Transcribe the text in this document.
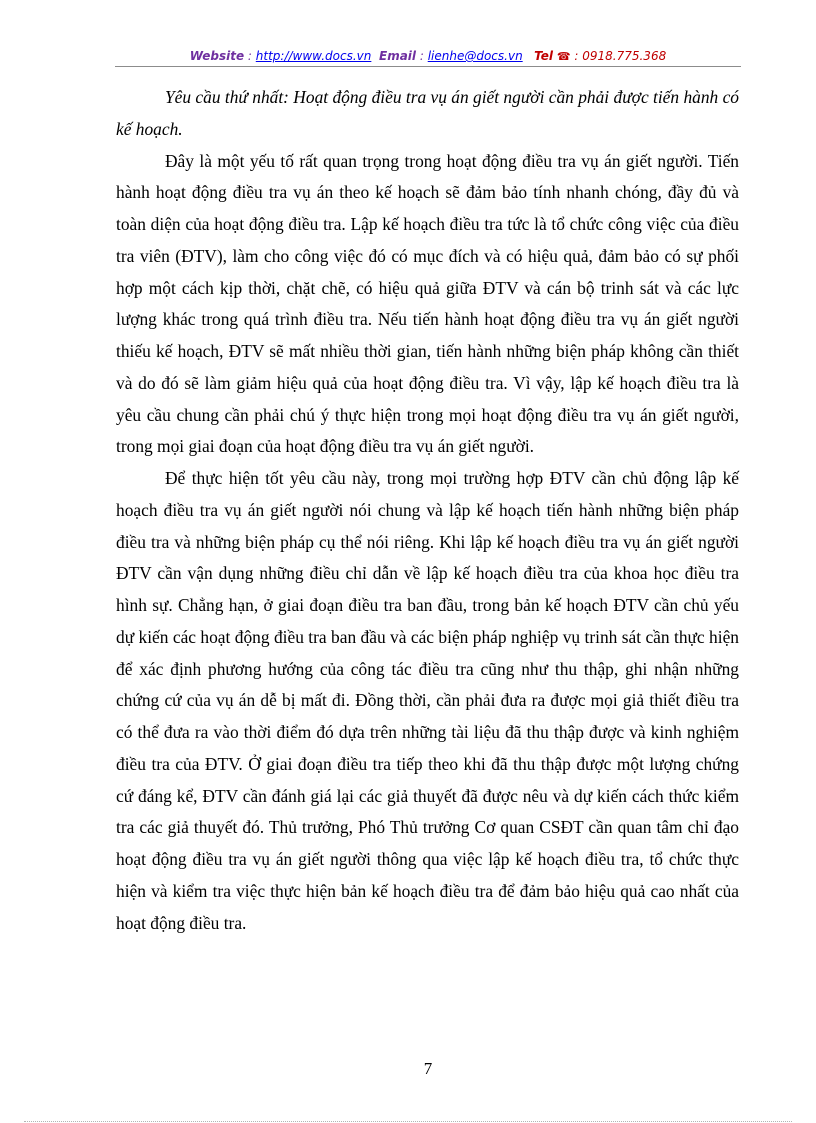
Website : http://www.docs.vn Email : lienhe@docs.vn Tel ☎ : 0918.775.368

Yêu cầu thứ nhất: Hoạt động điều tra vụ án giết người cần phải được tiến hành có kế hoạch.

Đây là một yếu tố rất quan trọng trong hoạt động điều tra vụ án giết người. Tiến hành hoạt động điều tra vụ án theo kế hoạch sẽ đảm bảo tính nhanh chóng, đầy đủ và toàn diện của hoạt động điều tra. Lập kế hoạch điều tra tức là tổ chức công việc của điều tra viên (ĐTV), làm cho công việc đó có mục đích và có hiệu quả, đảm bảo có sự phối hợp một cách kịp thời, chặt chẽ, có hiệu quả giữa ĐTV và cán bộ trinh sát và các lực lượng khác trong quá trình điều tra. Nếu tiến hành hoạt động điều tra vụ án giết người thiếu kế hoạch, ĐTV sẽ mất nhiều thời gian, tiến hành những biện pháp không cần thiết và do đó sẽ làm giảm hiệu quả của hoạt động điều tra. Vì vậy, lập kế hoạch điều tra là yêu cầu chung cần phải chú ý thực hiện trong mọi hoạt động điều tra vụ án giết người, trong mọi giai đoạn của hoạt động điều tra vụ án giết người.

Để thực hiện tốt yêu cầu này, trong mọi trường hợp ĐTV cần chủ động lập kế hoạch điều tra vụ án giết người nói chung và lập kế hoạch tiến hành những biện pháp điều tra và những biện pháp cụ thể nói riêng. Khi lập kế hoạch điều tra vụ án giết người ĐTV cần vận dụng những điều chỉ dẫn về lập kế hoạch điều tra của khoa học điều tra hình sự. Chẳng hạn, ở giai đoạn điều tra ban đầu, trong bản kế hoạch ĐTV cần chủ yếu dự kiến các hoạt động điều tra ban đầu và các biện pháp nghiệp vụ trinh sát cần thực hiện để xác định phương hướng của công tác điều tra cũng như thu thập, ghi nhận những chứng cứ của vụ án dễ bị mất đi. Đồng thời, cần phải đưa ra được mọi giả thiết điều tra có thể đưa ra vào thời điểm đó dựa trên những tài liệu đã thu thập được và kinh nghiệm điều tra của ĐTV. Ở giai đoạn điều tra tiếp theo khi đã thu thập được một lượng chứng cứ đáng kể, ĐTV cần đánh giá lại các giả thuyết đã được nêu và dự kiến cách thức kiểm tra các giả thuyết đó. Thủ trưởng, Phó Thủ trưởng Cơ quan CSĐT cần quan tâm chỉ đạo hoạt động điều tra vụ án giết người thông qua việc lập kế hoạch điều tra, tổ chức thực hiện và kiểm tra việc thực hiện bản kế hoạch điều tra để đảm bảo hiệu quả cao nhất của hoạt động điều tra.

7
